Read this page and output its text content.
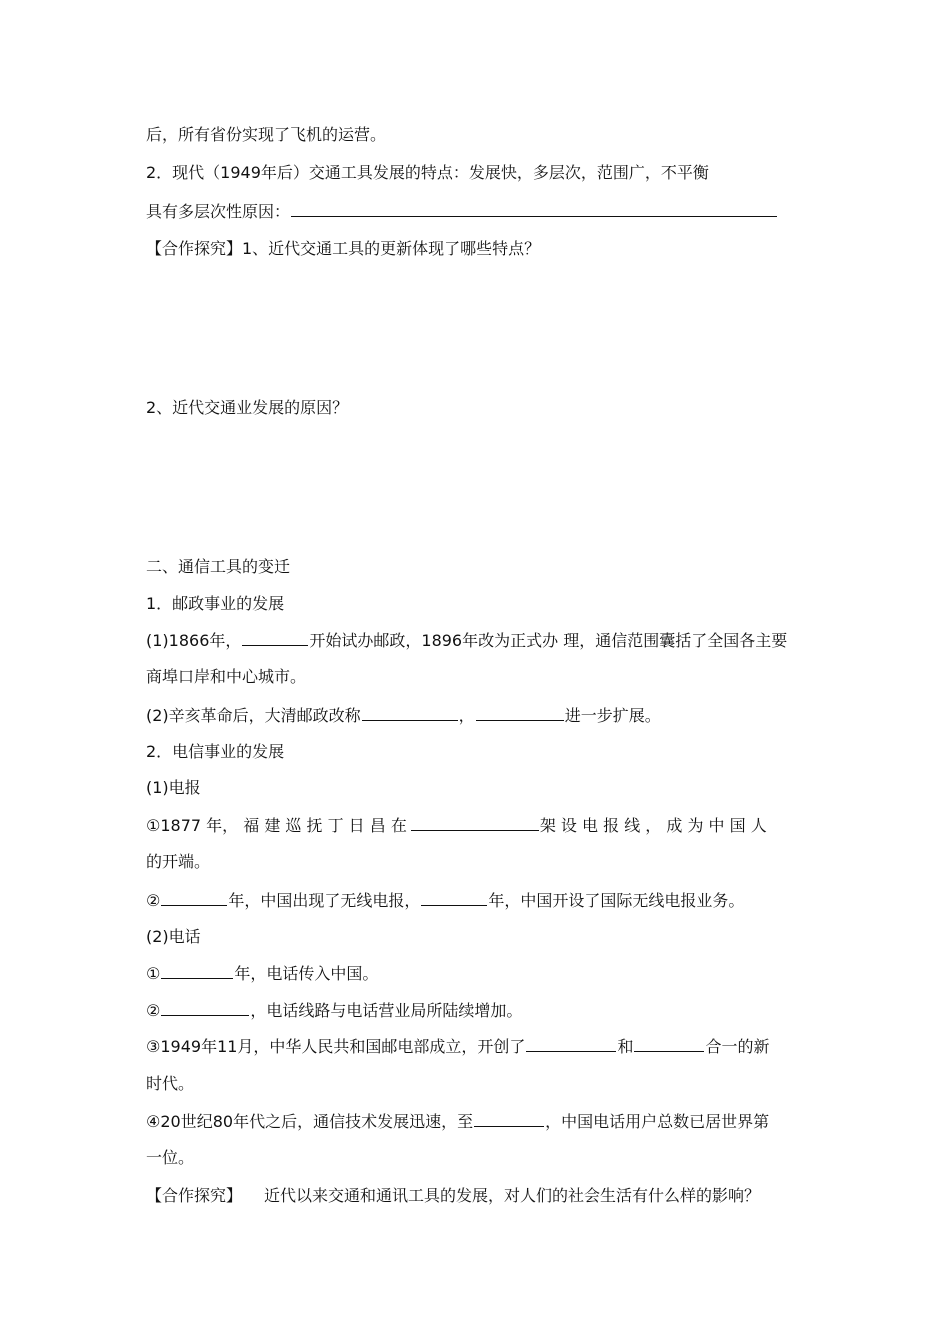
后，所有省份实现了飞机的运营。
2．现代（1949年后）交通工具发展的特点：发展快，多层次，范围广，不平衡
具有多层次性原因：
【合作探究】1、近代交通工具的更新体现了哪些特点？
2、近代交通业发展的原因？
二、通信工具的变迁
1．邮政事业的发展
(1)1866年，	开始试办邮政，1896年改为正式办 理，通信范围囊括了全国各主要
商埠口岸和中心城市。
(2)辛亥革命后，大清邮政改称	，	进一步扩展。
2．电信事业的发展
(1)电报
①1877 年， 福 建 巡 抚 丁 日 昌 在	架 设 电 报 线 ， 成 为 中 国 人
的开端。
②	年，中国出现了无线电报，	年，中国开设了国际无线电报业务。
(2)电话
①	年，电话传入中国。
②	，电话线路与电话营业局所陆续增加。
③1949年11月，中华人民共和国邮电部成立，开创了	和	合一的新
时代。
④20世纪80年代之后，通信技术发展迅速，至	，中国电话用户总数已居世界第
一位。
【合作探究】 近代以来交通和通讯工具的发展，对人们的社会生活有什么样的影响？
